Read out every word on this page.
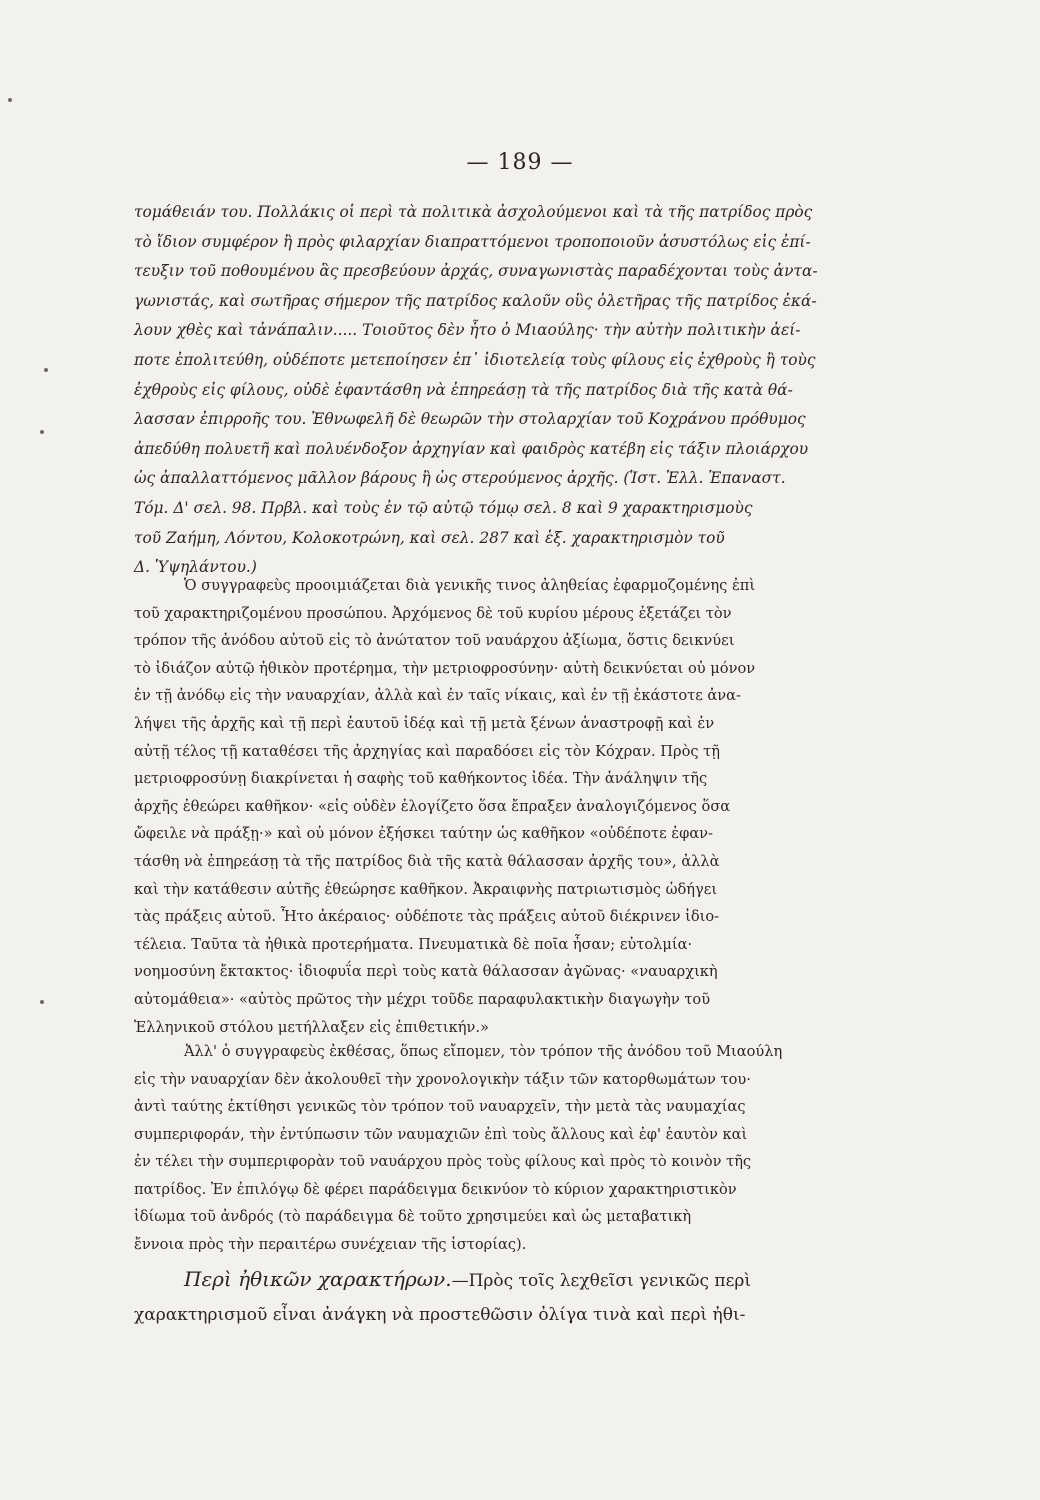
— 189 —
τομάθειάν του. Πολλάκις οἱ περὶ τὰ πολιτικὰ ἀσχολούμενοι καὶ τὰ τῆς πατρίδος πρὸς
τὸ ἴδιον συμφέρον ἢ πρὸς φιλαρχίαν διαπραττόμενοι τροποποιοῦν ἀσυστόλως εἰς ἐπί-
τευξιν τοῦ ποθουμένου ἃς πρεσβεύουν ἀρχάς, συναγωνιστὰς παραδέχονται τοὺς ἀντα-
γωνιστάς, καὶ σωτῆρας σήμερον τῆς πατρίδος καλοῦν οὓς ὀλετῆρας τῆς πατρίδος ἐκά-
λουν χθὲς καὶ τἀνάπαλιν..... Τοιοῦτος δὲν ἦτο ὁ Μιαούλης· τὴν αὐτὴν πολιτικὴν ἀεί-
ποτε ἐπολιτεύθη, οὐδέποτε μετεποίησεν ἐπ᾽ ἰδιοτελείᾳ τοὺς φίλους εἰς ἐχθροὺς ἢ τοὺς
ἐχθροὺς εἰς φίλους, οὐδὲ ἐφαντάσθη νὰ ἐπηρεάσῃ τὰ τῆς πατρίδος διὰ τῆς κατὰ θά-
λασσαν ἐπιρροῆς του. Ἐθνωφελῆ δὲ θεωρῶν τὴν στολαρχίαν τοῦ Κοχράνου πρόθυμος
ἀπεδύθη πολυετῆ καὶ πολυένδοξον ἀρχηγίαν καὶ φαιδρὸς κατέβη εἰς τάξιν πλοιάρχου
ὡς ἀπαλλαττόμενος μᾶλλον βάρους ἢ ὡς στερούμενος ἀρχῆς. (Ἱστ. Ἑλλ. Ἐπαναστ.
Τόμ. Δ' σελ. 98. Πρβλ. καὶ τοὺς ἐν τῷ αὐτῷ τόμῳ σελ. 8 καὶ 9 χαρακτηρισμοὺς
τοῦ Ζαήμη, Λόντου, Κολοκοτρώνη, καὶ σελ. 287 καὶ ἑξ. χαρακτηρισμὸν τοῦ
Δ. Ὑψηλάντου.)
Ὁ συγγραφεὺς προοιμιάζεται διὰ γενικῆς τινος ἀληθείας ἐφαρμοζομένης ἐπὶ
τοῦ χαρακτηριζομένου προσώπου. Ἀρχόμενος δὲ τοῦ κυρίου μέρους ἐξετάζει τὸν
τρόπον τῆς ἀνόδου αὐτοῦ εἰς τὸ ἀνώτατον τοῦ ναυάρχου ἀξίωμα, ὅστις δεικνύει
τὸ ἰδιάζον αὐτῷ ἠθικὸν προτέρημα, τὴν μετριοφροσύνην· αὐτὴ δεικνύεται οὐ μόνον
ἐν τῇ ἀνόδῳ εἰς τὴν ναυαρχίαν, ἀλλὰ καὶ ἐν ταῖς νίκαις, καὶ ἐν τῇ ἑκάστοτε ἀνα-
λήψει τῆς ἀρχῆς καὶ τῇ περὶ ἑαυτοῦ ἰδέᾳ καὶ τῇ μετὰ ξένων ἀναστροφῇ καὶ ἐν
αὐτῇ τέλος τῇ καταθέσει τῆς ἀρχηγίας καὶ παραδόσει εἰς τὸν Κόχραν. Πρὸς τῇ
μετριοφροσύνῃ διακρίνεται ἡ σαφὴς τοῦ καθήκοντος ἰδέα. Τὴν ἀνάληψιν τῆς
ἀρχῆς ἐθεώρει καθῆκον· «εἰς οὐδὲν ἐλογίζετο ὅσα ἔπραξεν ἀναλογιζόμενος ὅσα
ὤφειλε νὰ πράξῃ·» καὶ οὐ μόνον ἐξήσκει ταύτην ὡς καθῆκον «οὐδέποτε ἐφαν-
τάσθη νὰ ἐπηρεάσῃ τὰ τῆς πατρίδος διὰ τῆς κατὰ θάλασσαν ἀρχῆς του», ἀλλὰ
καὶ τὴν κατάθεσιν αὐτῆς ἐθεώρησε καθῆκον. Ἀκραιφνὴς πατριωτισμὸς ὡδήγει
τὰς πράξεις αὐτοῦ. Ἦτο ἀκέραιος· οὐδέποτε τὰς πράξεις αὐτοῦ διέκρινεν ἰδιο-
τέλεια. Ταῦτα τὰ ἠθικὰ προτερήματα. Πνευματικὰ δὲ ποῖα ἦσαν; εὐτολμία·
νοημοσύνη ἔκτακτος· ἰδιοφυΐα περὶ τοὺς κατὰ θάλασσαν ἀγῶνας· «ναυαρχικὴ
αὐτομάθεια»· «αὐτὸς πρῶτος τὴν μέχρι τοῦδε παραφυλακτικὴν διαγωγὴν τοῦ
Ἑλληνικοῦ στόλου μετήλλαξεν εἰς ἐπιθετικήν.»
Ἀλλ' ὁ συγγραφεὺς ἐκθέσας, ὅπως εἴπομεν, τὸν τρόπον τῆς ἀνόδου τοῦ Μιαούλη
εἰς τὴν ναυαρχίαν δὲν ἀκολουθεῖ τὴν χρονολογικὴν τάξιν τῶν κατορθωμάτων του·
ἀντὶ ταύτης ἐκτίθησι γενικῶς τὸν τρόπον τοῦ ναυαρχεῖν, τὴν μετὰ τὰς ναυμαχίας
συμπεριφοράν, τὴν ἐντύπωσιν τῶν ναυμαχιῶν ἐπὶ τοὺς ἄλλους καὶ ἐφ' ἑαυτὸν καὶ
ἐν τέλει τὴν συμπεριφορὰν τοῦ ναυάρχου πρὸς τοὺς φίλους καὶ πρὸς τὸ κοινὸν τῆς
πατρίδος. Ἐν ἐπιλόγῳ δὲ φέρει παράδειγμα δεικνύον τὸ κύριον χαρακτηριστικὸν
ἰδίωμα τοῦ ἀνδρός (τὸ παράδειγμα δὲ τοῦτο χρησιμεύει καὶ ὡς μεταβατικὴ
ἔννοια πρὸς τὴν περαιτέρω συνέχειαν τῆς ἱστορίας).
Περὶ ἠθικῶν χαρακτήρων.—Πρὸς τοῖς λεχθεῖσι γενικῶς περὶ
χαρακτηρισμοῦ εἶναι ἀνάγκη νὰ προστεθῶσιν ὀλίγα τινὰ καὶ περὶ ἠθι-
